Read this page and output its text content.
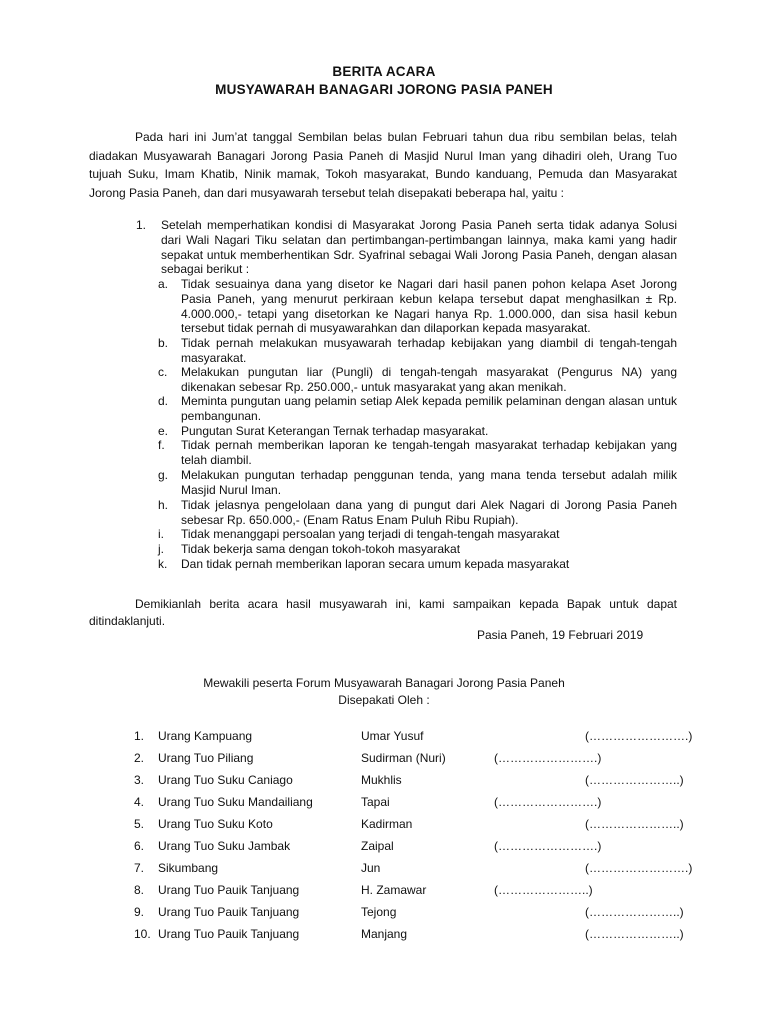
BERITA ACARA
MUSYAWARAH BANAGARI JORONG PASIA PANEH
Pada hari ini Jum’at tanggal Sembilan belas bulan Februari tahun dua ribu sembilan belas, telah diadakan Musyawarah Banagari Jorong Pasia Paneh di Masjid Nurul Iman yang dihadiri oleh, Urang Tuo tujuah Suku, Imam Khatib, Ninik mamak, Tokoh masyarakat, Bundo kanduang, Pemuda dan Masyarakat Jorong Pasia Paneh, dan dari musyawarah tersebut telah disepakati beberapa hal, yaitu :
1. Setelah memperhatikan kondisi di Masyarakat Jorong Pasia Paneh serta tidak adanya Solusi dari Wali Nagari Tiku selatan dan pertimbangan-pertimbangan lainnya, maka kami yang hadir sepakat untuk memberhentikan Sdr. Syafrinal sebagai Wali Jorong Pasia Paneh, dengan alasan sebagai berikut :
a. Tidak sesuainya dana yang disetor ke Nagari dari hasil panen pohon kelapa Aset Jorong Pasia Paneh, yang menurut perkiraan kebun kelapa tersebut dapat menghasilkan ± Rp. 4.000.000,- tetapi yang disetorkan ke Nagari hanya Rp. 1.000.000, dan sisa hasil kebun tersebut tidak pernah di musyawarahkan dan dilaporkan kepada masyarakat.
b. Tidak pernah melakukan musyawarah terhadap kebijakan yang diambil di tengah-tengah masyarakat.
c. Melakukan pungutan liar (Pungli) di tengah-tengah masyarakat (Pengurus NA) yang dikenakan sebesar Rp. 250.000,- untuk masyarakat yang akan menikah.
d. Meminta pungutan uang pelamin setiap Alek kepada pemilik pelaminan dengan alasan untuk pembangunan.
e. Pungutan Surat Keterangan Ternak terhadap masyarakat.
f. Tidak pernah memberikan laporan ke tengah-tengah masyarakat terhadap kebijakan yang telah diambil.
g. Melakukan pungutan terhadap penggunan tenda, yang mana tenda tersebut adalah milik Masjid Nurul Iman.
h. Tidak jelasnya pengelolaan dana yang di pungut dari Alek Nagari di Jorong Pasia Paneh sebesar Rp. 650.000,- (Enam Ratus Enam Puluh Ribu Rupiah).
i. Tidak menanggapi persoalan yang terjadi di tengah-tengah masyarakat
j. Tidak bekerja sama dengan tokoh-tokoh masyarakat
k. Dan tidak pernah memberikan laporan secara umum kepada masyarakat
Demikianlah berita acara hasil musyawarah ini, kami sampaikan kepada Bapak untuk dapat ditindaklanjuti.
Pasia Paneh, 19 Februari 2019
Mewakili peserta Forum Musyawarah Banagari Jorong Pasia Paneh
Disepakati Oleh :
1. Urang Kampuang	Umar Yusuf	(…………………….)
2. Urang Tuo Piliang	Sudirman (Nuri)	(…………………….)
3. Urang Tuo Suku Caniago	Mukhlis	(…………………..)
4. Urang Tuo Suku Mandailiang	Tapai	(…………………….)
5. Urang Tuo Suku Koto	Kadirman	(…………………..)
6. Urang Tuo Suku Jambak	Zaipal	(…………………….)
7. Sikumbang	Jun	(…………………….)
8. Urang Tuo Pauik Tanjuang	H. Zamawar	(…………………..)
9. Urang Tuo Pauik Tanjuang	Tejong	(…………………..)
10. Urang Tuo Pauik Tanjuang	Manjang	(…………………..)
